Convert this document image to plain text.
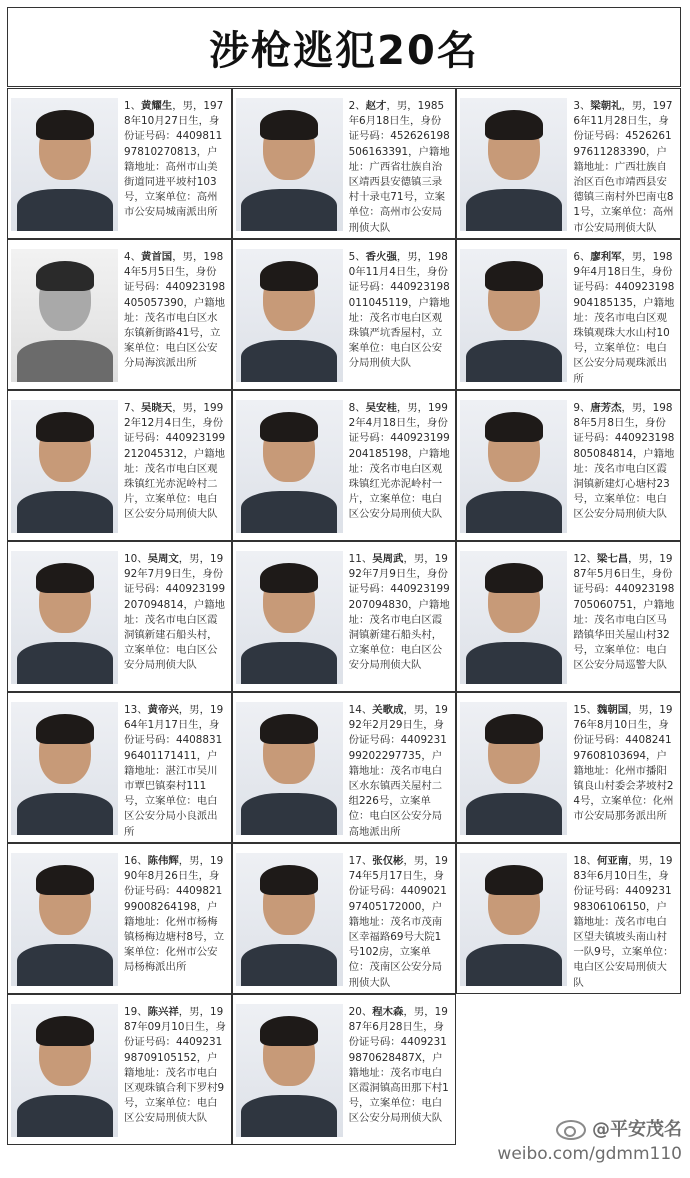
涉枪逃犯20名
1、黄耀生，男，1978年10月27日生，身份证号码：440981197810270813，户籍地址：高州市山美街道同进平坡村103号，立案单位：高州市公安局城南派出所
2、赵才，男，1985年6月18日生，身份证号码：452626198506163391，户籍地址：广西省壮族自治区靖西县安德镇三录村十录屯71号，立案单位：高州市公安局刑侦大队
3、梁朝礼，男，1976年11月28日生，身份证号码：452626197611283390，户籍地址：广西壮族自治区百色市靖西县安德镇三南村外巴南屯81号，立案单位：高州市公安局刑侦大队
4、黄首国，男，1984年5月5日生，身份证号码：440923198405057390，户籍地址：茂名市电白区水东镇新街路41号，立案单位：电白区公安分局海滨派出所
5、香火强，男，1980年11月4日生，身份证号码：440923198011045119，户籍地址：茂名市电白区观珠镇严坑香屋村，立案单位：电白区公安分局刑侦大队
6、廖利军，男，1989年4月18日生，身份证号码：440923198904185135，户籍地址：茂名市电白区观珠镇观珠大水山村10号，立案单位：电白区公安分局观珠派出所
7、吴晓天，男，1992年12月4日生，身份证号码：440923199212045312，户籍地址：茂名市电白区观珠镇红光赤泥岭村二片，立案单位：电白区公安分局刑侦大队
8、吴安桂，男，1992年4月18日生，身份证号码：440923199204185198，户籍地址：茂名市电白区观珠镇红光赤泥岭村一片，立案单位：电白区公安分局刑侦大队
9、唐芳杰，男，1988年5月8日生，身份证号码：440923198805084814，户籍地址：茂名市电白区霞洞镇新建灯心塘村23号，立案单位：电白区公安分局刑侦大队
10、吴周文，男，1992年7月9日生，身份证号码：440923199207094814，户籍地址：茂名市电白区霞洞镇新建石船头村，立案单位：电白区公安分局刑侦大队
11、吴周武，男，1992年7月9日生，身份证号码：440923199207094830，户籍地址：茂名市电白区霞洞镇新建石船头村，立案单位：电白区公安分局刑侦大队
12、梁七昌，男，1987年5月6日生，身份证号码：440923198705060751，户籍地址：茂名市电白区马踏镇华田关屋山村32号，立案单位：电白区公安分局巡警大队
13、黄帝兴，男，1964年1月17日生，身份证号码：440883196401171411，户籍地址：湛江市吴川市覃巴镇秦村111号，立案单位：电白区公安分局小良派出所
14、关歌成，男，1992年2月29日生，身份证号码：440923199202297735，户籍地址：茂名市电白区水东镇西关屋村二组226号，立案单位：电白区公安分局高地派出所
15、魏朝国，男，1976年8月10日生，身份证号码：440824197608103694，户籍地址：化州市播阳镇良山村委会茅坡村24号，立案单位：化州市公安局那务派出所
16、陈伟辉，男，1990年8月26日生，身份证号码：440982199008264198，户籍地址：化州市杨梅镇杨梅边塘村8号，立案单位：化州市公安局杨梅派出所
17、张仅彬，男，1974年5月17日生，身份证号码：440902197405172000，户籍地址：茂名市茂南区幸福路69号大院1号102房，立案单位：茂南区公安分局刑侦大队
18、何亚南，男，1983年6月10日生，身份证号码：440923198306106150，户籍地址：茂名市电白区望夫镇坡头南山村一队9号，立案单位：电白区公安局刑侦大队
19、陈兴祥，男，1987年09月10日生，身份证号码：440923198709105152，户籍地址：茂名市电白区观珠镇合利下罗村9号，立案单位：电白区公安局刑侦大队
20、程木森，男，1987年6月28日生，身份证号码：44092319870628487X，户籍地址：茂名市电白区霞洞镇高田那下村1号，立案单位：电白区公安分局刑侦大队
@平安茂名
weibo.com/gdmm110
